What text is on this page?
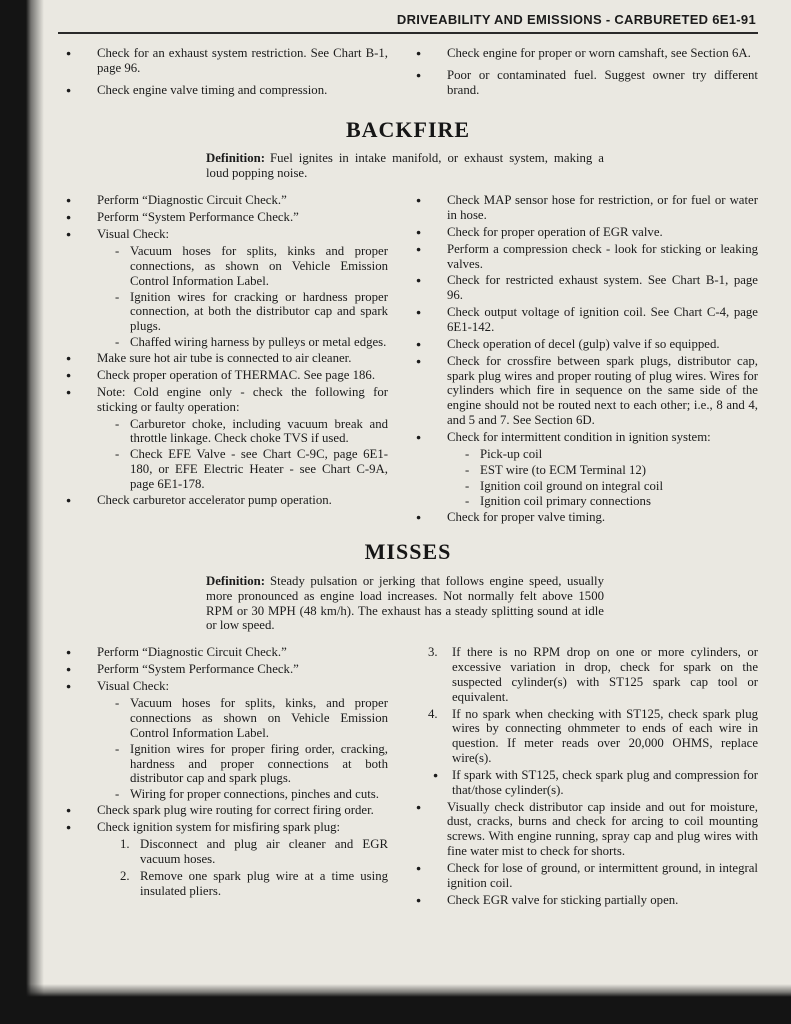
DRIVEABILITY AND EMISSIONS - CARBURETED 6E1-91
●	Check for an exhaust system restriction. See Chart B-1, page 96.
●	Check engine valve timing and compression.
●	Check engine for proper or worn camshaft, see Section 6A.
●	Poor or contaminated fuel. Suggest owner try different brand.
BACKFIRE

Definition: Fuel ignites in intake manifold, or exhaust system, making a loud popping noise.

●	Perform “Diagnostic Circuit Check.”
●	Perform “System Performance Check.”
●	Visual Check:
- Vacuum hoses for splits, kinks and proper connections, as shown on Vehicle Emission Control Information Label.
- Ignition wires for cracking or hardness proper connection, at both the distributor cap and spark plugs.
- Chaffed wiring harness by pulleys or metal edges.
●	Make sure hot air tube is connected to air cleaner.
●	Check proper operation of THERMAC. See page 186.
●	Note: Cold engine only - check the following for sticking or faulty operation:
- Carburetor choke, including vacuum break and throttle linkage. Check choke TVS if used.
- Check EFE Valve - see Chart C-9C, page 6E1-180, or EFE Electric Heater - see Chart C-9A, page 6E1-178.
●	Check carburetor accelerator pump operation.
●	Check MAP sensor hose for restriction, or for fuel or water in hose.
●	Check for proper operation of EGR valve.
●	Perform a compression check - look for sticking or leaking valves.
●	Check for restricted exhaust system. See Chart B-1, page 96.
●	Check output voltage of ignition coil. See Chart C-4, page 6E1-142.
●	Check operation of decel (gulp) valve if so equipped.
●	Check for crossfire between spark plugs, distributor cap, spark plug wires and proper routing of plug wires. Wires for cylinders which fire in sequence on the same side of the engine should not be routed next to each other; i.e., 8 and 4, and 5 and 7. See Section 6D.
●	Check for intermittent condition in ignition system:
- Pick-up coil
- EST wire (to ECM Terminal 12)
- Ignition coil ground on integral coil
- Ignition coil primary connections
●	Check for proper valve timing.
MISSES

Definition: Steady pulsation or jerking that follows engine speed, usually more pronounced as engine load increases. Not normally felt above 1500 RPM or 30 MPH (48 km/h). The exhaust has a steady splitting sound at idle or low speed.

●	Perform “Diagnostic Circuit Check.”
●	Perform “System Performance Check.”
●	Visual Check:
- Vacuum hoses for splits, kinks, and proper connections as shown on Vehicle Emission Control Information Label.
- Ignition wires for proper firing order, cracking, hardness and proper connections at both distributor cap and spark plugs.
- Wiring for proper connections, pinches and cuts.
●	Check spark plug wire routing for correct firing order.
●	Check ignition system for misfiring spark plug:
1. Disconnect and plug air cleaner and EGR vacuum hoses.
2. Remove one spark plug wire at a time using insulated pliers.
3.	If there is no RPM drop on one or more cylinders, or excessive variation in drop, check for spark on the suspected cylinder(s) with ST125 spark cap tool or equivalent.
4.	If no spark when checking with ST125, check spark plug wires by connecting ohmmeter to ends of each wire in question. If meter reads over 20,000 OHMS, replace wire(s).
●	If spark with ST125, check spark plug and compression for that/those cylinder(s).
●	Visually check distributor cap inside and out for moisture, dust, cracks, burns and check for arcing to coil mounting screws. With engine running, spray cap and plug wires with fine water mist to check for shorts.
●	Check for lose of ground, or intermittent ground, in integral ignition coil.
●	Check EGR valve for sticking partially open.
